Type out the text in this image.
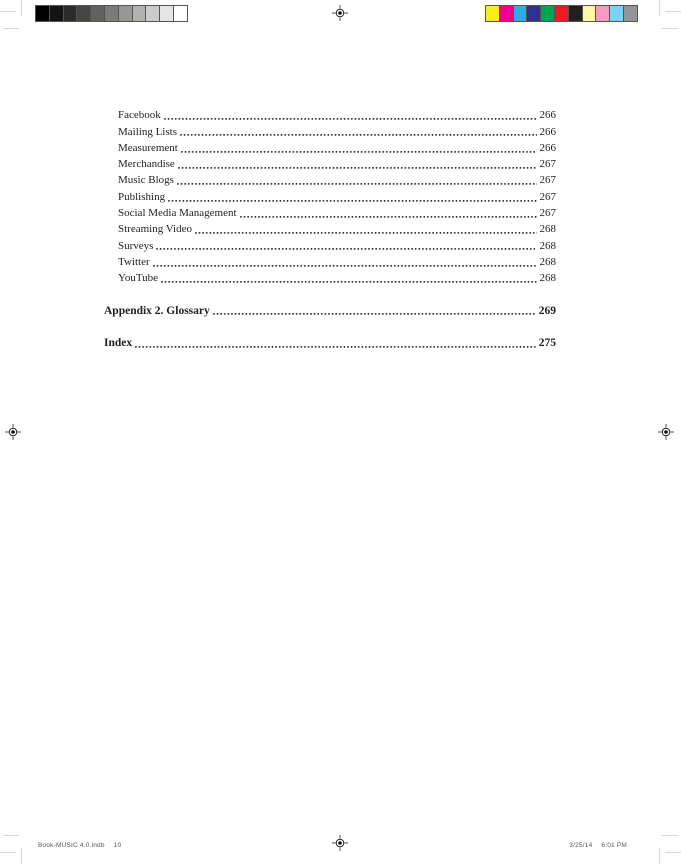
Facebook	266
Mailing Lists	266
Measurement	266
Merchandise	267
Music Blogs	267
Publishing	267
Social Media Management	267
Streaming Video	268
Surveys	268
Twitter	268
YouTube	268
Appendix 2. Glossary	269
Index	275
Book-MUSIC 4.0.indb 10	3/25/14 6:01 PM
